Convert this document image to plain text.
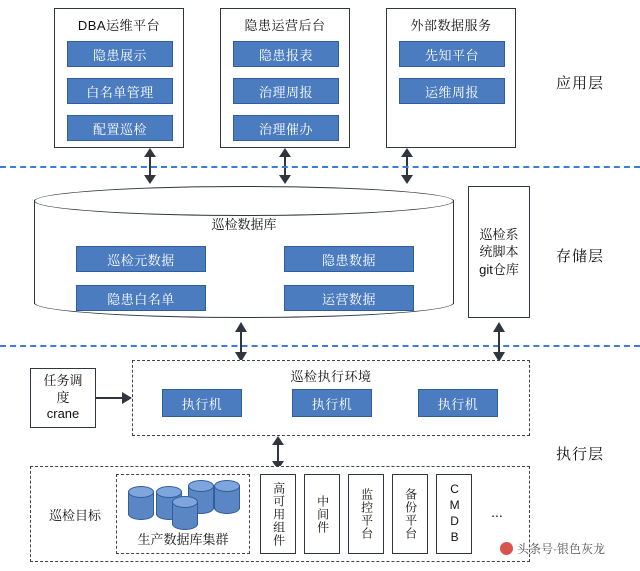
DBA运维平台
隐患展示
白名单管理
配置巡检
隐患运营后台
隐患报表
治理周报
治理催办
外部数据服务
先知平台
运维周报	应用层
巡检数据库
巡检元数据	隐患数据
隐患白名单	运营数据
巡检系统脚本git仓库
存储层
任务调度crane
巡检执行环境
执行机	执行机	执行机
执行层
巡检目标
生产数据库集群	高可用组件	中间件	监控平台	备份平台	CMDB	...
头条号·银色灰龙
